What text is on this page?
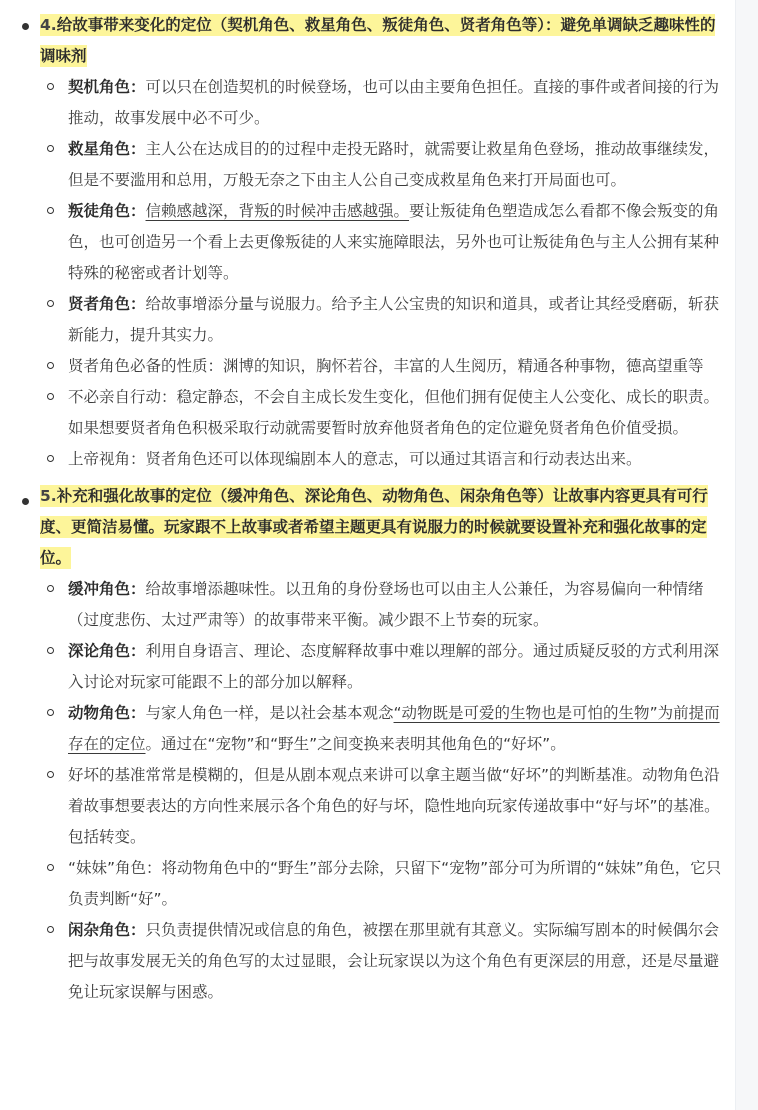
4.给故事带来变化的定位（契机角色、救星角色、叛徒角色、贤者角色等）：避免单调缺乏趣味性的调味剂
契机角色：可以只在创造契机的时候登场，也可以由主要角色担任。直接的事件或者间接的行为推动，故事发展中必不可少。
救星角色：主人公在达成目的的过程中走投无路时，就需要让救星角色登场，推动故事继续发，但是不要滥用和总用，万般无奈之下由主人公自己变成救星角色来打开局面也可。
叛徒角色：信赖感越深，背叛的时候冲击感越强。要让叛徒角色塑造成怎么看都不像会叛变的角色，也可创造另一个看上去更像叛徒的人来实施障眼法，另外也可让叛徒角色与主人公拥有某种特殊的秘密或者计划等。
贤者角色：给故事增添分量与说服力。给予主人公宝贵的知识和道具，或者让其经受磨砺，斩获新能力，提升其实力。
贤者角色必备的性质：渊博的知识，胸怀若谷，丰富的人生阅历，精通各种事物，德高望重等
不必亲自行动：稳定静态，不会自主成长发生变化，但他们拥有促使主人公变化、成长的职责。如果想要贤者角色积极采取行动就需要暂时放弃他贤者角色的定位避免贤者角色价值受损。
上帝视角：贤者角色还可以体现编剧本人的意志，可以通过其语言和行动表达出来。
5.补充和强化故事的定位（缓冲角色、深论角色、动物角色、闲杂角色等）让故事内容更具有可行度、更简洁易懂。玩家跟不上故事或者希望主题更具有说服力的时候就要设置补充和强化故事的定位。
缓冲角色：给故事增添趣味性。以丑角的身份登场也可以由主人公兼任，为容易偏向一种情绪（过度悲伤、太过严肃等）的故事带来平衡。减少跟不上节奏的玩家。
深论角色：利用自身语言、理论、态度解释故事中难以理解的部分。通过质疑反驳的方式利用深入讨论对玩家可能跟不上的部分加以解释。
动物角色：与家人角色一样，是以社会基本观念“动物既是可爱的生物也是可怕的生物”为前提而存在的定位。通过在“宠物”和“野生”之间变换来表明其他角色的“好坏”。
好坏的基准常常是模糊的，但是从剧本观点来讲可以拿主题当做“好坏”的判断基准。动物角色沿着故事想要表达的方向性来展示各个角色的好与坏，隐性地向玩家传递故事中“好与坏”的基准。包括转变。
“妹妹”角色：将动物角色中的“野生”部分去除，只留下“宠物”部分可为所谓的“妹妹”角色，它只负责判断“好”。
闲杂角色：只负责提供情况或信息的角色，被摆在那里就有其意义。实际编写剧本的时候偶尔会把与故事发展无关的角色写的太过显眼，会让玩家误以为这个角色有更深层的用意，还是尽量避免让玩家误解与困惑。
